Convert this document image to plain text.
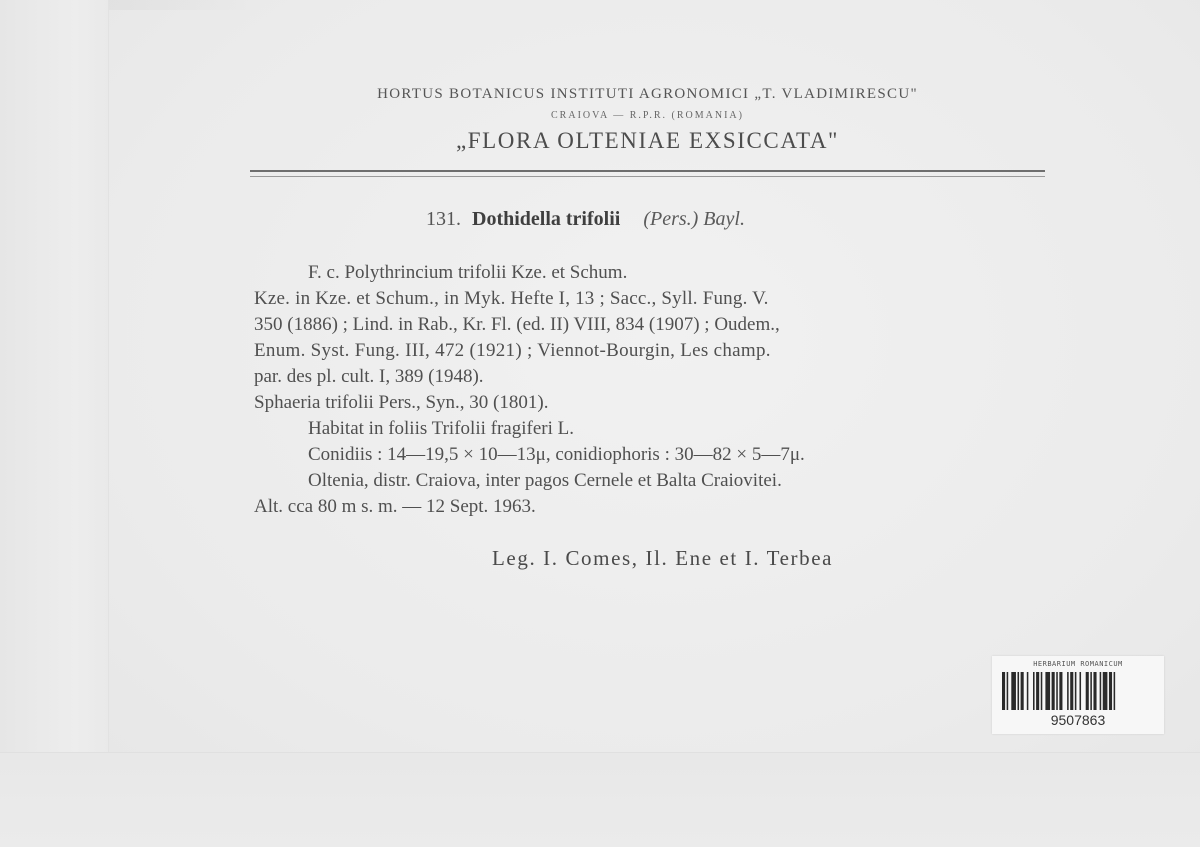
HORTUS BOTANICUS INSTITUTI AGRONOMICI „T. VLADIMIRESCU"
CRAIOVA — R.P.R. (ROMANIA)
„FLORA OLTENIAE EXSICCATA"
131. Dothidella trifolii (Pers.) Bayl.
F. c. Polythrincium trifolii Kze. et Schum.
Kze. in Kze. et Schum., in Myk. Hefte I, 13 ; Sacc., Syll. Fung. V.
350 (1886) ; Lind. in Rab., Kr. Fl. (ed. II) VIII, 834 (1907) ; Oudem.,
Enum. Syst. Fung. III, 472 (1921) ; Viennot-Bourgin, Les champ.
par. des pl. cult. I, 389 (1948).
Sphaeria trifolii Pers., Syn., 30 (1801).
Habitat in foliis Trifolii fragiferi L.
Conidiis : 14—19,5 × 10—13μ, conidiophoris : 30—82 × 5—7μ.
Oltenia, distr. Craiova, inter pagos Cernele et Balta Craiovitei.
Alt. cca 80 m s. m. — 12 Sept. 1963.
Leg. I. Comes, Il. Ene et I. Terbea
HERBARIUM ROMANICUM
9507863
